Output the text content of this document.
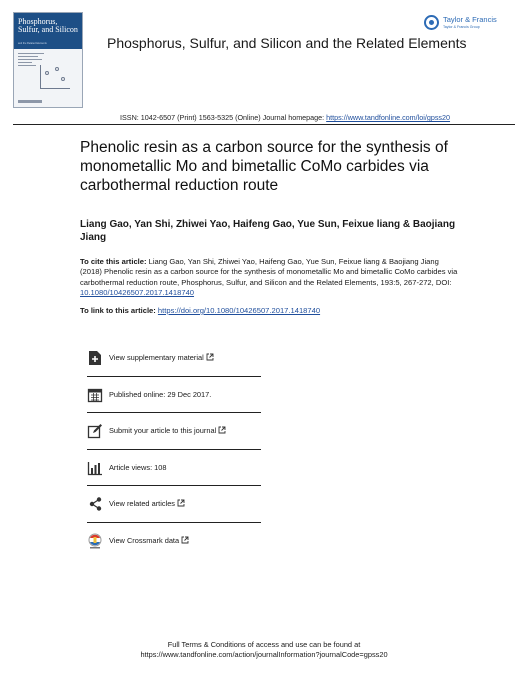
Phosphorus, Sulfur, and Silicon
and the Related Elements	Phosphorus, Sulfur, and Silicon and the Related Elements
Taylor & Francis
Taylor & Francis Group
ISSN: 1042-6507 (Print) 1563-5325 (Online) Journal homepage: https://www.tandfonline.com/loi/gpss20
Phenolic resin as a carbon source for the synthesis of monometallic Mo and bimetallic CoMo carbides via carbothermal reduction route
Liang Gao, Yan Shi, Zhiwei Yao, Haifeng Gao, Yue Sun, Feixue liang & Baojiang Jiang
To cite this article: Liang Gao, Yan Shi, Zhiwei Yao, Haifeng Gao, Yue Sun, Feixue liang & Baojiang Jiang (2018) Phenolic resin as a carbon source for the synthesis of monometallic Mo and bimetallic CoMo carbides via carbothermal reduction route, Phosphorus, Sulfur, and Silicon and the Related Elements, 193:5, 267-272, DOI: 10.1080/10426507.2017.1418740
To link to this article: https://doi.org/10.1080/10426507.2017.1418740
View supplementary material
Published online: 29 Dec 2017.
Submit your article to this journal
Article views: 108
View related articles
View Crossmark data
Full Terms & Conditions of access and use can be found at
https://www.tandfonline.com/action/journalInformation?journalCode=gpss20
